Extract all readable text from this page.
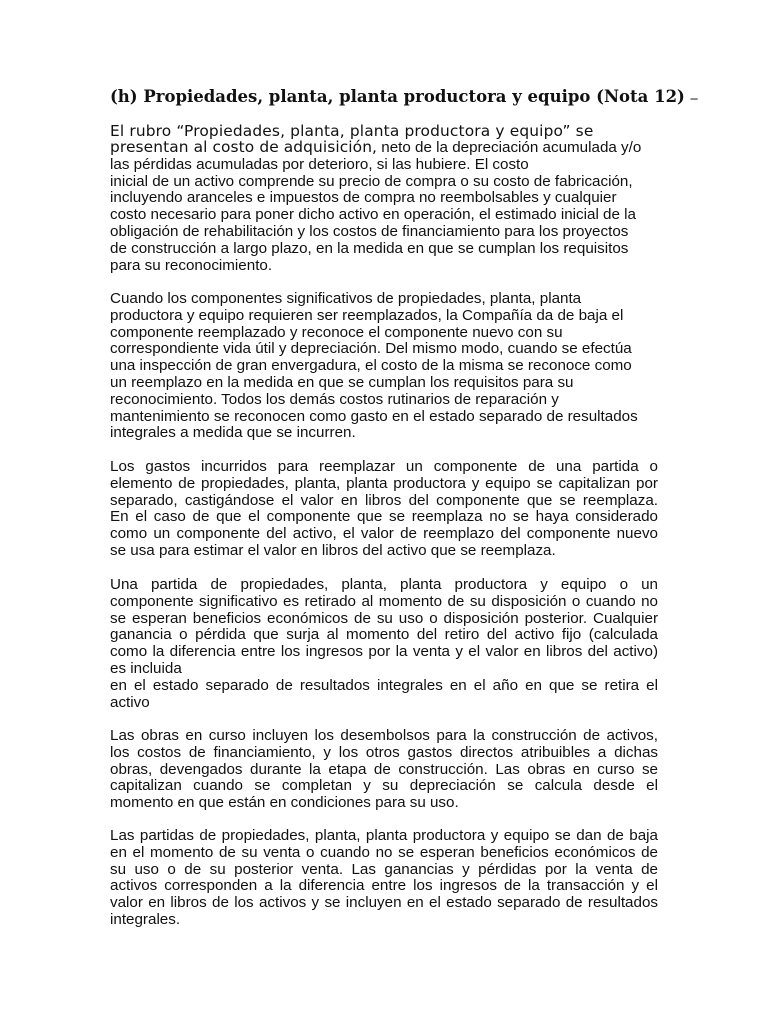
(h) Propiedades, planta, planta productora y equipo (Nota 12) –
El rubro “Propiedades, planta, planta productora y equipo” se
presentan al costo de adquisición, neto de la depreciación acumulada y/o
las pérdidas acumuladas por deterioro, si las hubiere. El costo
inicial de un activo comprende su precio de compra o su costo de fabricación,
incluyendo aranceles e impuestos de compra no reembolsables y cualquier
costo necesario para poner dicho activo en operación, el estimado inicial de la
obligación de rehabilitación y los costos de financiamiento para los proyectos
de construcción a largo plazo, en la medida en que se cumplan los requisitos
para su reconocimiento.
Cuando los componentes significativos de propiedades, planta, planta
productora y equipo requieren ser reemplazados, la Compañía da de baja el
componente reemplazado y reconoce el componente nuevo con su
correspondiente vida útil y depreciación. Del mismo modo, cuando se efectúa
una inspección de gran envergadura, el costo de la misma se reconoce como
un reemplazo en la medida en que se cumplan los requisitos para su
reconocimiento. Todos los demás costos rutinarios de reparación y
mantenimiento se reconocen como gasto en el estado separado de resultados
integrales a medida que se incurren.
Los gastos incurridos para reemplazar un componente de una partida o
elemento de propiedades, planta, planta productora y equipo se capitalizan por
separado, castigándose el valor en libros del componente que se reemplaza.
En el caso de que el componente que se reemplaza no se haya considerado
como un componente del activo, el valor de reemplazo del componente nuevo
se usa para estimar el valor en libros del activo que se reemplaza.
Una partida de propiedades, planta, planta productora y equipo o un
componente significativo es retirado al momento de su disposición o cuando no
se esperan beneficios económicos de su uso o disposición posterior. Cualquier
ganancia o pérdida que surja al momento del retiro del activo fijo (calculada
como la diferencia entre los ingresos por la venta y el valor en libros del activo)
es incluida
en el estado separado de resultados integrales en el año en que se retira el
activo
Las obras en curso incluyen los desembolsos para la construcción de activos,
los costos de financiamiento, y los otros gastos directos atribuibles a dichas
obras, devengados durante la etapa de construcción. Las obras en curso se
capitalizan cuando se completan y su depreciación se calcula desde el
momento en que están en condiciones para su uso.
Las partidas de propiedades, planta, planta productora y equipo se dan de baja
en el momento de su venta o cuando no se esperan beneficios económicos de
su uso o de su posterior venta. Las ganancias y pérdidas por la venta de
activos corresponden a la diferencia entre los ingresos de la transacción y el
valor en libros de los activos y se incluyen en el estado separado de resultados
integrales.
